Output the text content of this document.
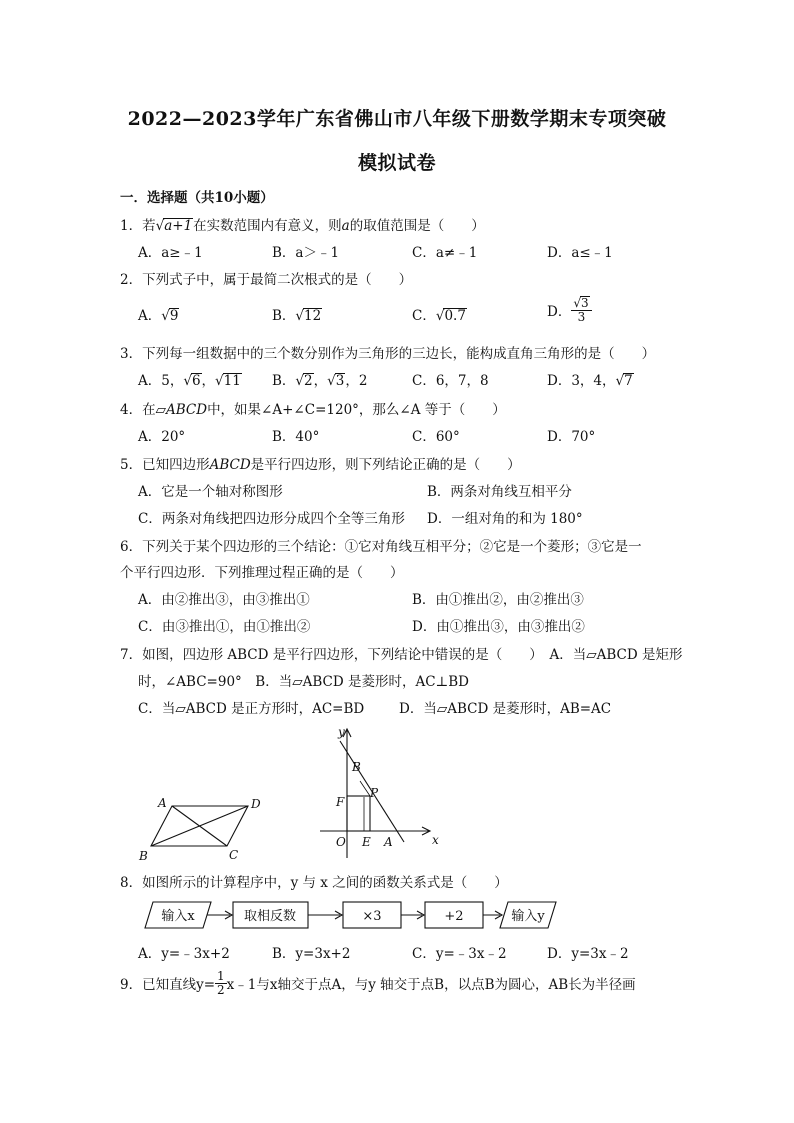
2022—2023学年广东省佛山市八年级下册数学期末专项突破
模拟试卷
一．选择题（共10小题）
1．若√a+1在实数范围内有意义，则a的取值范围是（　　）
A．a≥﹣1	B．a＞﹣1	C．a≠﹣1	D．a≤﹣1
2．下列式子中，属于最简二次根式的是（　　）
A．√9	B．√12	C．√0.7	D． $\frac{√3}{3}$
3．下列每一组数据中的三个数分别作为三角形的三边长，能构成直角三角形的是（　　）
A．5，√6，√11 B．√2，√3，2	C．6，7，8	D．3，4，√7
4．在▱ABCD中，如果∠A+∠C=120°，那么∠A 等于（　　）
A．20°	B．40°	C．60°	D．70°
5．已知四边形ABCD是平行四边形，则下列结论正确的是（　　）
A．它是一个轴对称图形	B．两条对角线互相平分
C．两条对角线把四边形分成四个全等三角形 D．一组对角的和为 180°
6．下列关于某个四边形的三个结论：①它对角线互相平分；②它是一个菱形；③它是一
个平行四边形．下列推理过程正确的是（　　）
A．由②推出③，由③推出①	B．由①推出②，由②推出③
C．由③推出①，由①推出②	D．由①推出③，由③推出②
7．如图，四边形 ABCD 是平行四边形，下列结论中错误的是（　　）　A．当▱ABCD 是矩形
时，∠ABC=90°　B．当▱ABCD 是菱形时，AC⊥BD
C．当▱ABCD 是正方形时，AC=BD	D．当▱ABCD 是菱形时，AB=AC
A	D
B	C
y
x
O
B
F
P
E A
输入x	取相反数	×3	+2	输入y
8．如图所示的计算程序中，y 与 x 之间的函数关系式是（　　）
A．y=﹣3x+2	B．y=3x+2	C．y=﹣3x﹣2	D．y=3x﹣2
9．已知直线$y= \frac{1}{2}$ x﹣1与x轴交于点A，与y 轴交于点B，以点B为圆心，AB长为半径画
